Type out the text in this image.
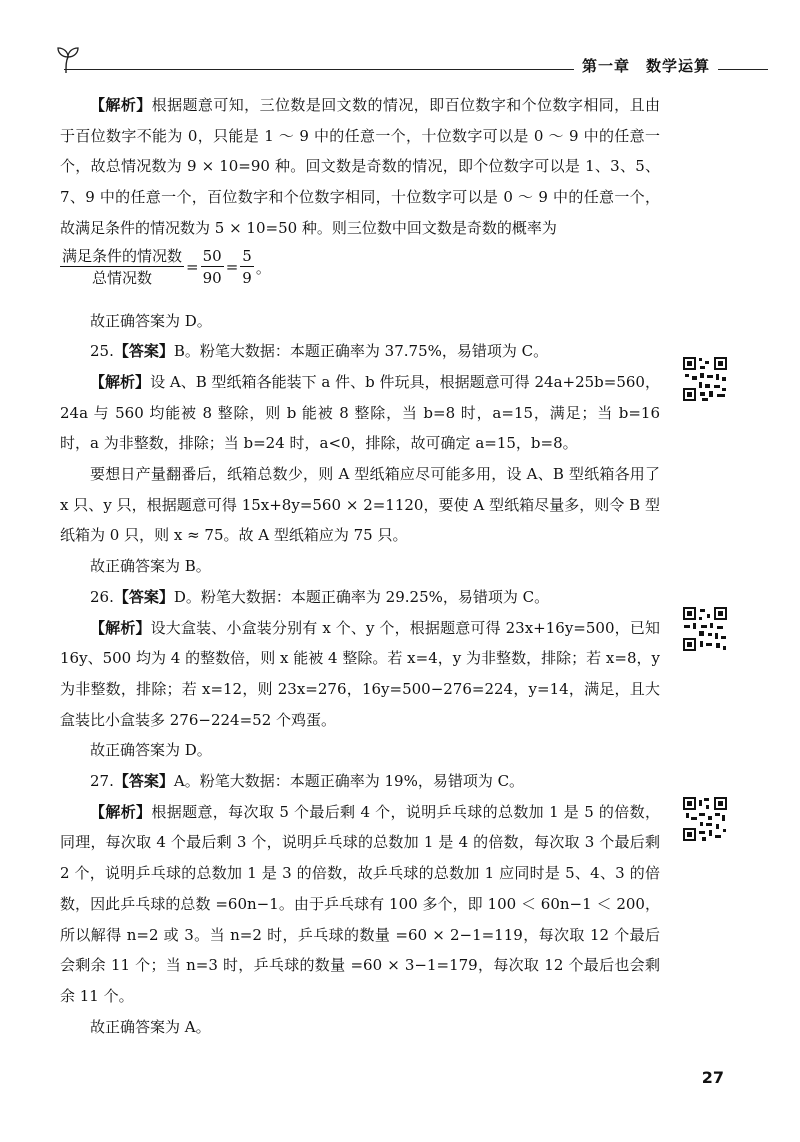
第一章　数学运算

【解析】根据题意可知，三位数是回文数的情况，即百位数字和个位数字相同，且由于百位数字不能为 0，只能是 1 ～ 9 中的任意一个，十位数字可以是 0 ～ 9 中的任意一个，故总情况数为 9 × 10=90 种。回文数是奇数的情况，即个位数字可以是 1、3、5、7、9 中的任意一个，百位数字和个位数字相同，十位数字可以是 0 ～ 9 中的任意一个，故满足条件的情况数为 5 × 10=50 种。则三位数中回文数是奇数的概率为

$\frac{\text{满足条件的情况数}}{\text{总情况数}} = \frac{50}{90} = \frac{5}{9}$ 。

故正确答案为 D。

25.【答案】B。粉笔大数据：本题正确率为 37.75%，易错项为 C。

【解析】设 A、B 型纸箱各能装下 a 件、b 件玩具，根据题意可得 24a+25b=560，24a 与 560 均能被 8 整除，则 b 能被 8 整除，当 b=8 时，a=15，满足；当 b=16 时，a 为非整数，排除；当 b=24 时，a<0，排除，故可确定 a=15，b=8。

要想日产量翻番后，纸箱总数少，则 A 型纸箱应尽可能多用，设 A、B 型纸箱各用了 x 只、y 只，根据题意可得 15x+8y=560 × 2=1120，要使 A 型纸箱尽量多，则令 B 型纸箱为 0 只，则 x ≈ 75。故 A 型纸箱应为 75 只。

故正确答案为 B。

26.【答案】D。粉笔大数据：本题正确率为 29.25%，易错项为 C。

【解析】设大盒装、小盒装分别有 x 个、y 个，根据题意可得 23x+16y=500，已知 16y、500 均为 4 的整数倍，则 x 能被 4 整除。若 x=4，y 为非整数，排除；若 x=8，y 为非整数，排除；若 x=12，则 23x=276，16y=500−276=224，y=14，满足，且大盒装比小盒装多 276−224=52 个鸡蛋。

故正确答案为 D。

27.【答案】A。粉笔大数据：本题正确率为 19%，易错项为 C。

【解析】根据题意，每次取 5 个最后剩 4 个，说明乒乓球的总数加 1 是 5 的倍数，同理，每次取 4 个最后剩 3 个，说明乒乓球的总数加 1 是 4 的倍数，每次取 3 个最后剩 2 个，说明乒乓球的总数加 1 是 3 的倍数，故乒乓球的总数加 1 应同时是 5、4、3 的倍数，因此乒乓球的总数 =60n−1。由于乒乓球有 100 多个，即 100 ＜ 60n−1 ＜ 200，所以解得 n=2 或 3。当 n=2 时，乒乓球的数量 =60 × 2−1=119，每次取 12 个最后会剩余 11 个；当 n=3 时，乒乓球的数量 =60 × 3−1=179，每次取 12 个最后也会剩余 11 个。

故正确答案为 A。

27
